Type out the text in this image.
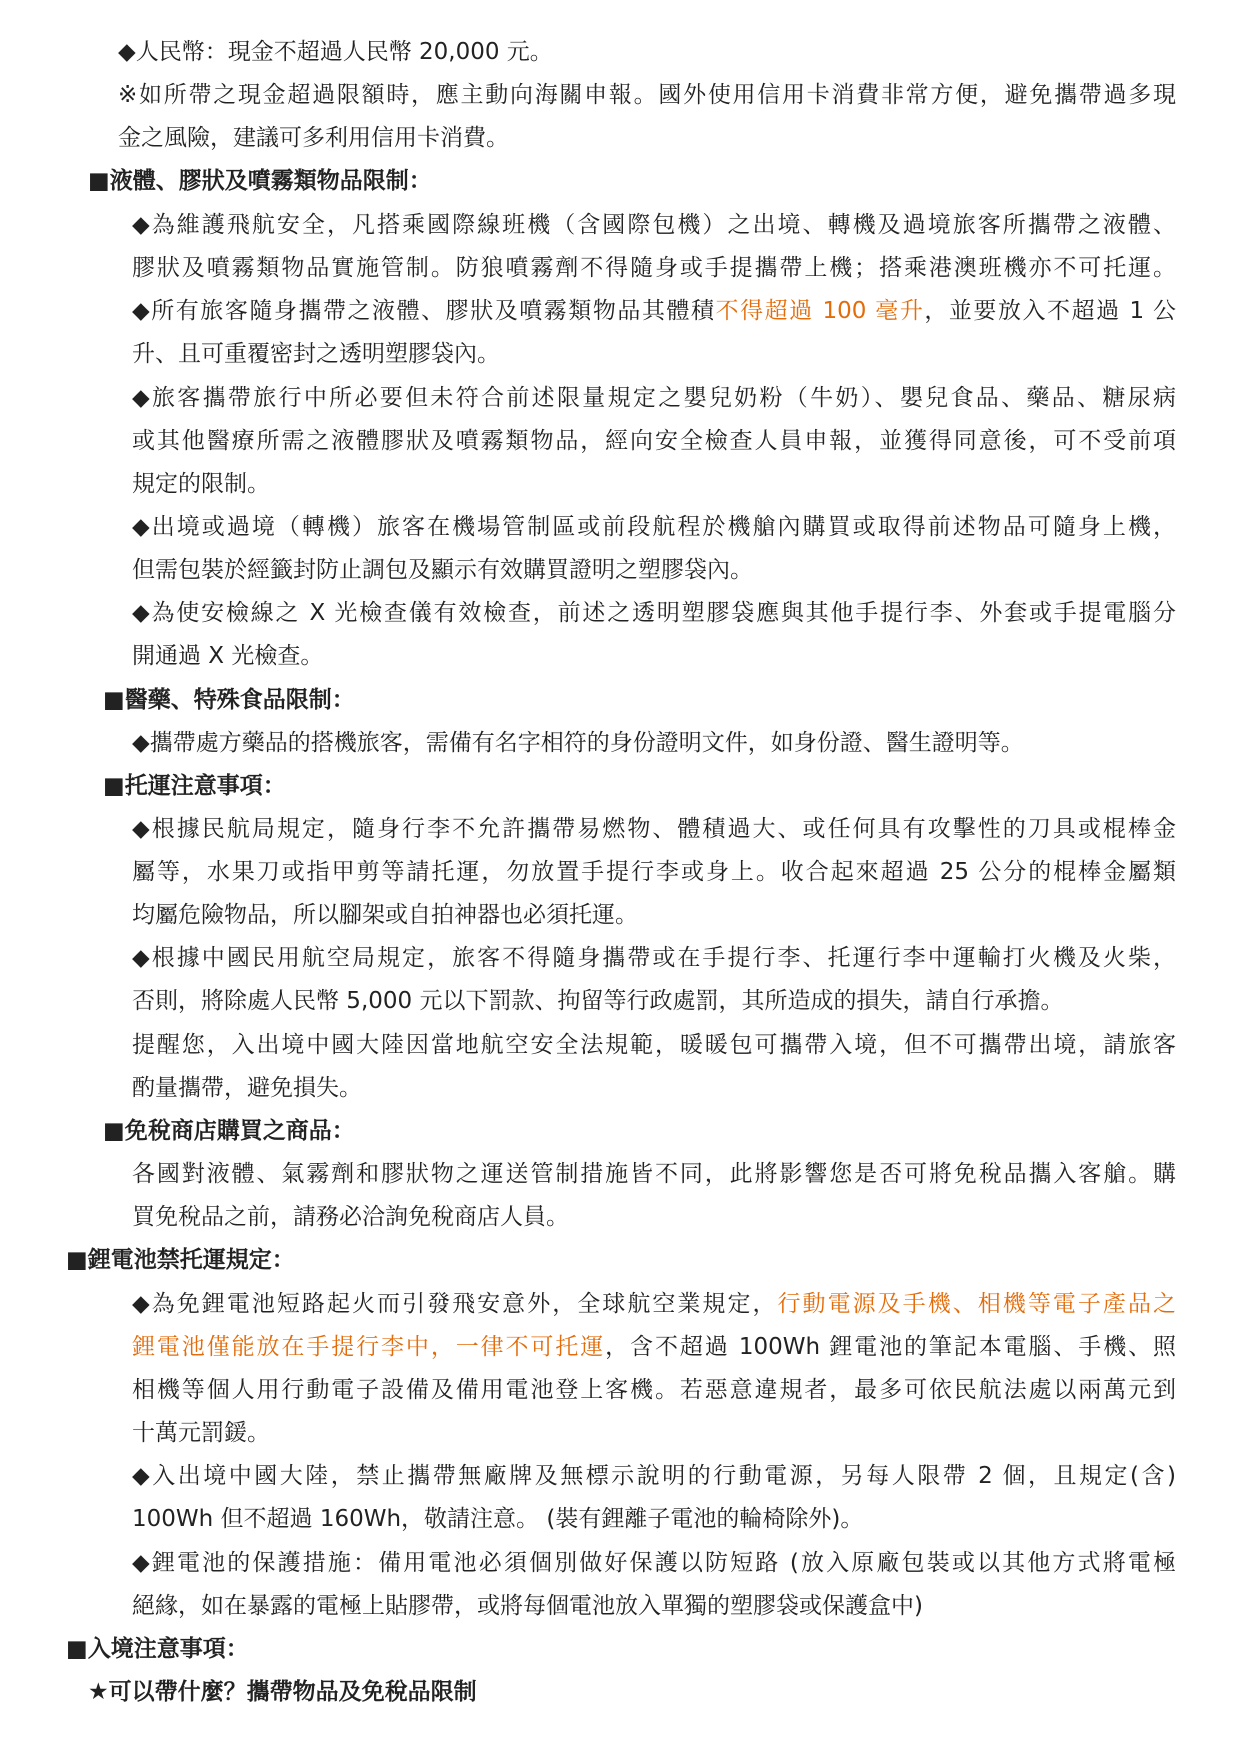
◆人民幣：現金不超過人民幣 20,000 元。
※如所帶之現金超過限額時，應主動向海關申報。國外使用信用卡消費非常方便，避免攜帶過多現
金之風險，建議可多利用信用卡消費。
■液體、膠狀及噴霧類物品限制：
◆為維護飛航安全，凡搭乘國際線班機（含國際包機）之出境、轉機及過境旅客所攜帶之液體、
膠狀及噴霧類物品實施管制。防狼噴霧劑不得隨身或手提攜帶上機；搭乘港澳班機亦不可托運。
◆所有旅客隨身攜帶之液體、膠狀及噴霧類物品其體積不得超過 100 毫升，並要放入不超過 1 公
升、且可重覆密封之透明塑膠袋內。
◆旅客攜帶旅行中所必要但未符合前述限量規定之嬰兒奶粉（牛奶）、嬰兒食品、藥品、糖尿病
或其他醫療所需之液體膠狀及噴霧類物品，經向安全檢查人員申報，並獲得同意後，可不受前項
規定的限制。
◆出境或過境（轉機）旅客在機場管制區或前段航程於機艙內購買或取得前述物品可隨身上機，
但需包裝於經籤封防止調包及顯示有效購買證明之塑膠袋內。
◆為使安檢線之 X 光檢查儀有效檢查，前述之透明塑膠袋應與其他手提行李、外套或手提電腦分
開通過 X 光檢查。
■醫藥、特殊食品限制：
◆攜帶處方藥品的搭機旅客，需備有名字相符的身份證明文件，如身份證、醫生證明等。
■托運注意事項：
◆根據民航局規定，隨身行李不允許攜帶易燃物、體積過大、或任何具有攻擊性的刀具或棍棒金
屬等，水果刀或指甲剪等請托運，勿放置手提行李或身上。收合起來超過 25 公分的棍棒金屬類
均屬危險物品，所以腳架或自拍神器也必須托運。
◆根據中國民用航空局規定，旅客不得隨身攜帶或在手提行李、托運行李中運輸打火機及火柴，
否則，將除處人民幣 5,000 元以下罰款、拘留等行政處罰，其所造成的損失，請自行承擔。
提醒您，入出境中國大陸因當地航空安全法規範，暖暖包可攜帶入境，但不可攜帶出境，請旅客
酌量攜帶，避免損失。
■免稅商店購買之商品：
各國對液體、氣霧劑和膠狀物之運送管制措施皆不同，此將影響您是否可將免稅品攜入客艙。購
買免稅品之前，請務必洽詢免稅商店人員。
■鋰電池禁托運規定：
◆為免鋰電池短路起火而引發飛安意外，全球航空業規定，行動電源及手機、相機等電子產品之
鋰電池僅能放在手提行李中，一律不可托運，含不超過 100Wh 鋰電池的筆記本電腦、手機、照
相機等個人用行動電子設備及備用電池登上客機。若惡意違規者，最多可依民航法處以兩萬元到
十萬元罰鍰。
◆入出境中國大陸，禁止攜帶無廠牌及無標示說明的行動電源，另每人限帶 2 個，且規定(含)
100Wh 但不超過 160Wh，敬請注意。 (裝有鋰離子電池的輪椅除外)。
◆鋰電池的保護措施：備用電池必須個別做好保護以防短路 (放入原廠包裝或以其他方式將電極
絕緣，如在暴露的電極上貼膠帶，或將每個電池放入單獨的塑膠袋或保護盒中)
■入境注意事項：
★可以帶什麼？攜帶物品及免稅品限制
